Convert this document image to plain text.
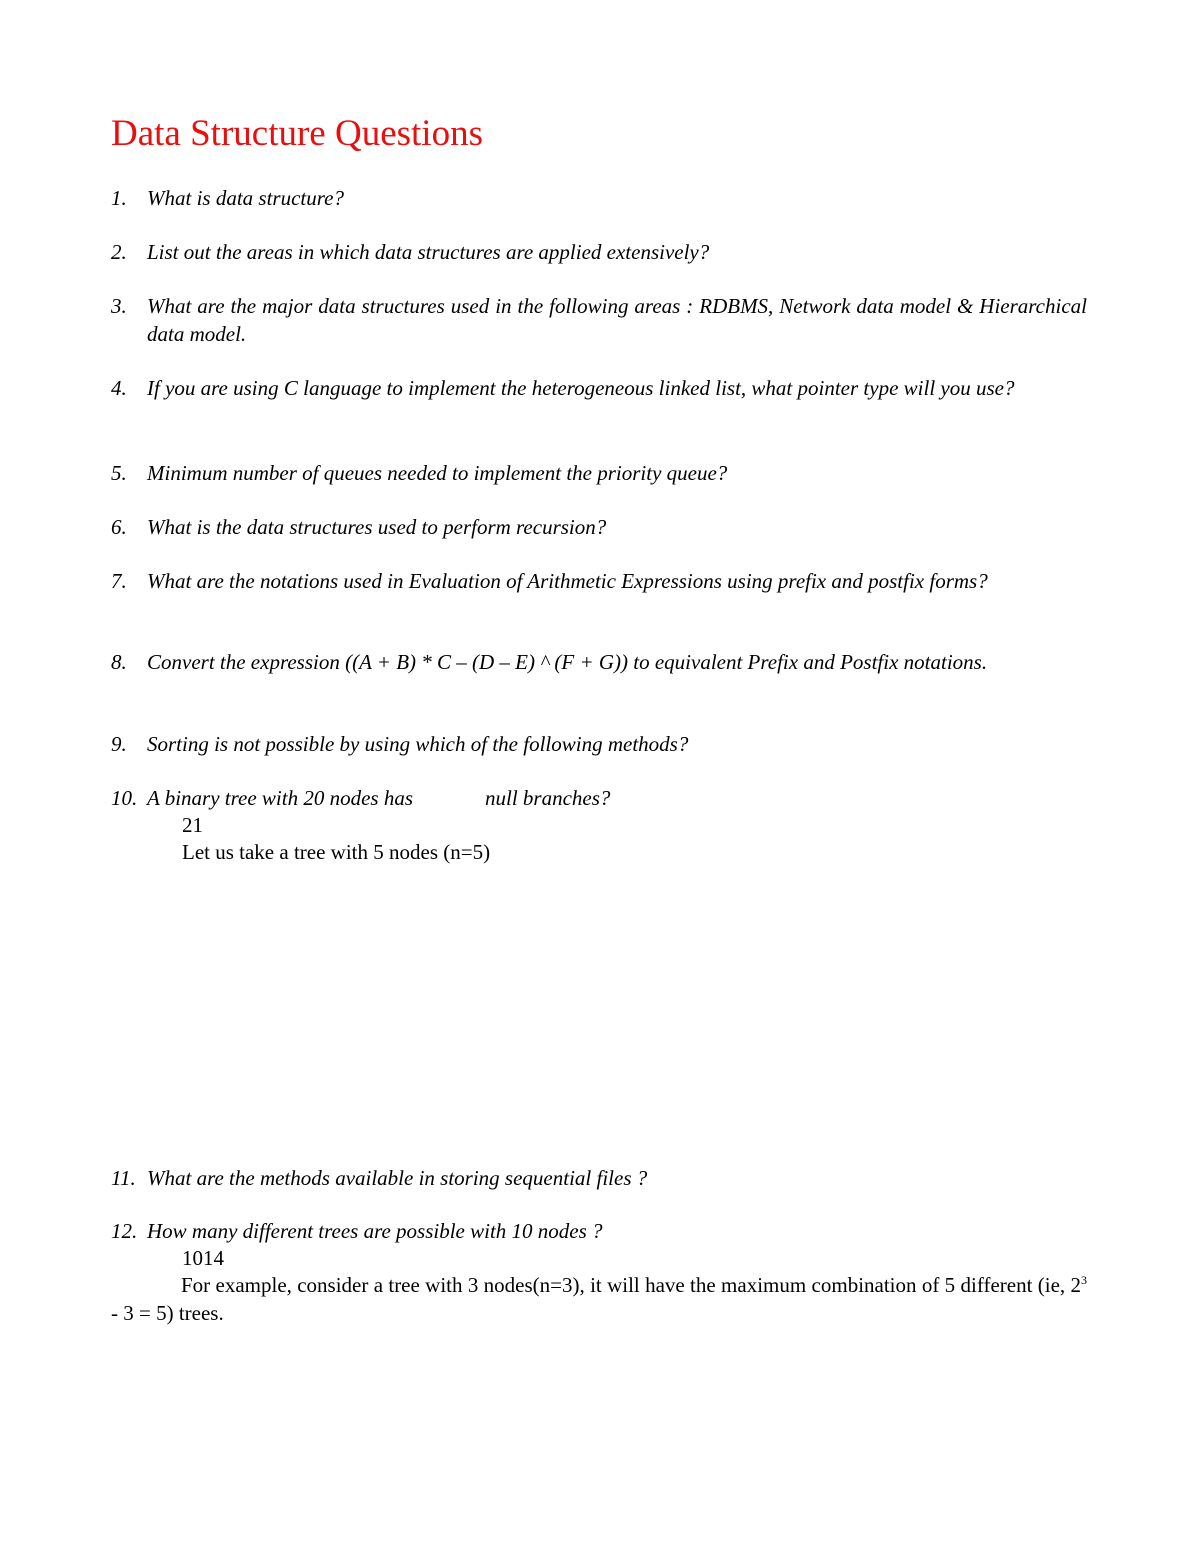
Data Structure Questions
1. What is data structure?
2. List out the areas in which data structures are applied extensively?
3. What are the major data structures used in the following areas : RDBMS, Network data model & Hierarchical data model.
4. If you are using C language to implement the heterogeneous linked list, what pointer type will you use?
5. Minimum number of queues needed to implement the priority queue?
6. What is the data structures used to perform recursion?
7. What are the notations used in Evaluation of Arithmetic Expressions using prefix and postfix forms?
8. Convert the expression ((A + B) * C – (D – E) ^ (F + G)) to equivalent Prefix and Postfix notations.
9. Sorting is not possible by using which of the following methods?
10. A binary tree with 20 nodes has	null branches?
21
Let us take a tree with 5 nodes (n=5)
11. What are the methods available in storing sequential files ?
12. How many different trees are possible with 10 nodes ?
1014
For example, consider a tree with 3 nodes(n=3), it will have the maximum combination of 5 different (ie, $2^3 - 3 = 5$) trees.
